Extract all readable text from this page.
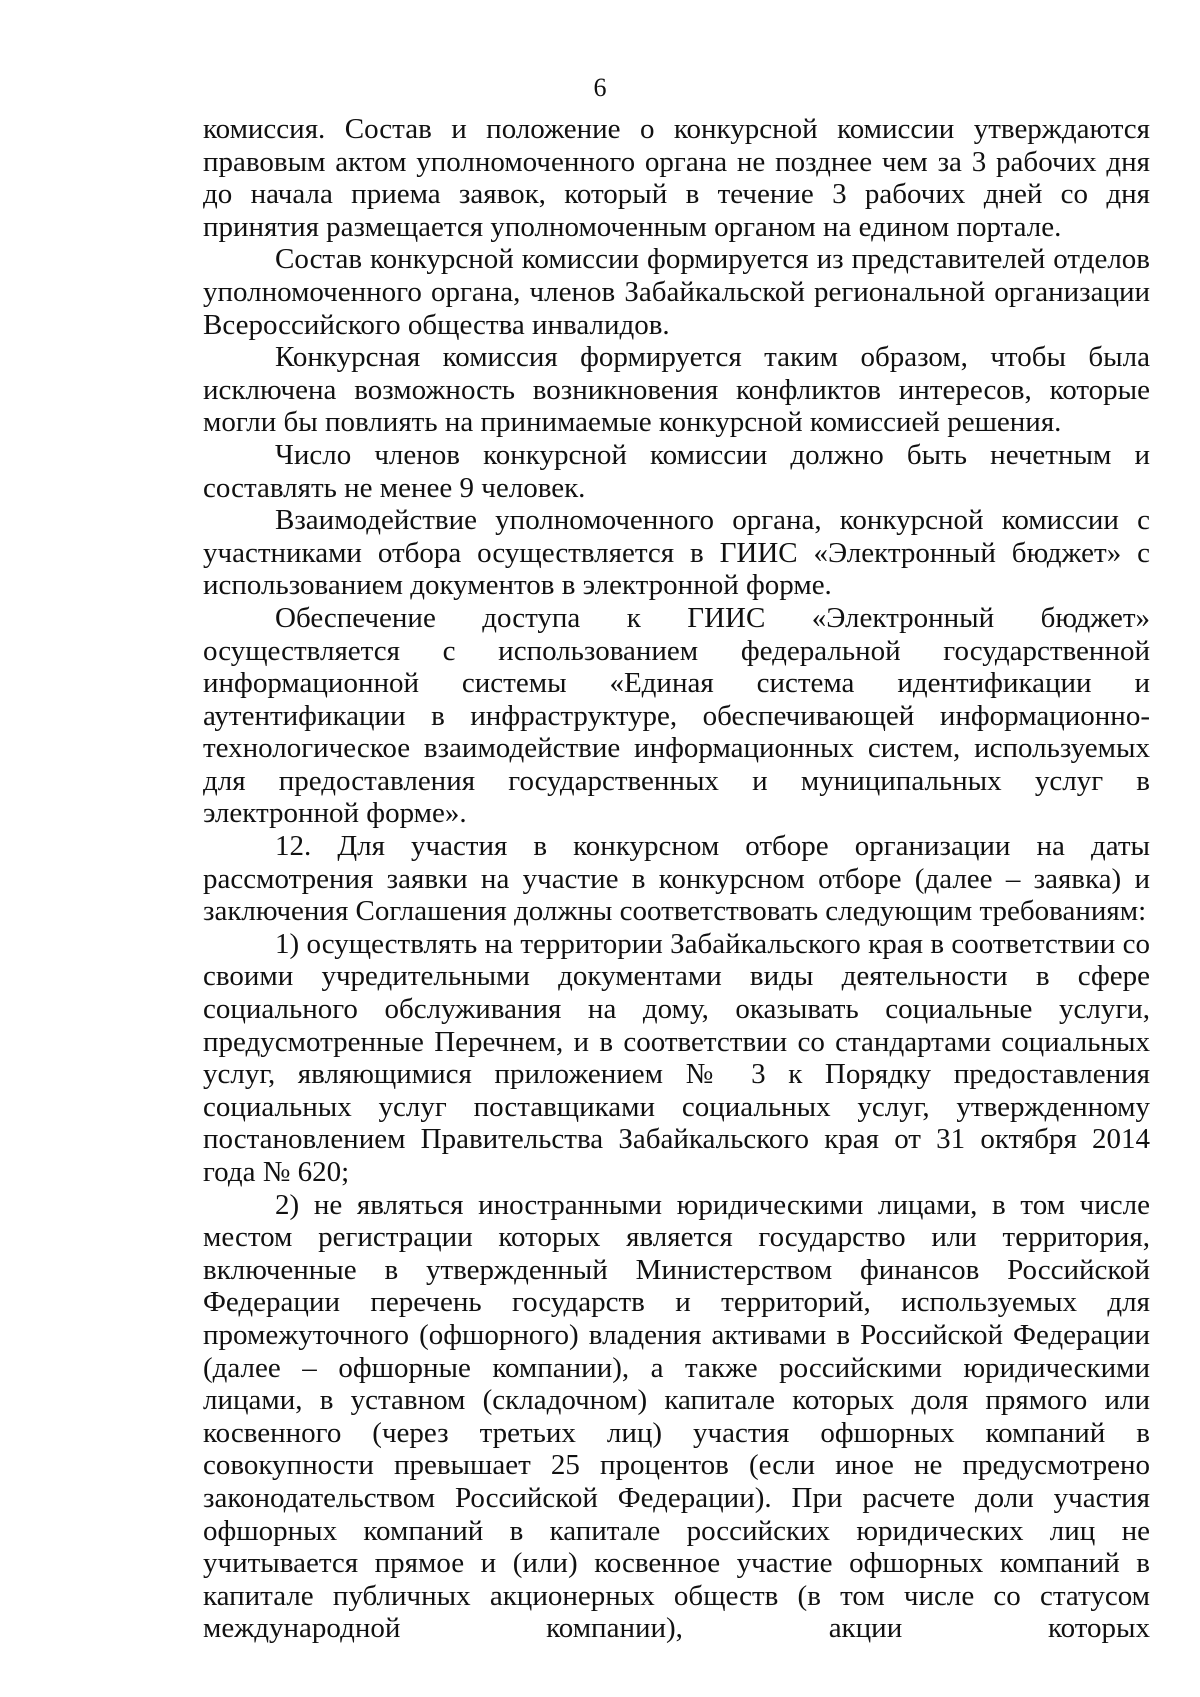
6

комиссия. Состав и положение о конкурсной комиссии утверждаются правовым актом уполномоченного органа не позднее чем за 3 рабочих дня до начала приема заявок, который в течение 3 рабочих дней со дня принятия размещается уполномоченным органом на едином портале.

Состав конкурсной комиссии формируется из представителей отделов уполномоченного органа, членов Забайкальской региональной организации Всероссийского общества инвалидов.

Конкурсная комиссия формируется таким образом, чтобы была исключена возможность возникновения конфликтов интересов, которые могли бы повлиять на принимаемые конкурсной комиссией решения.

Число членов конкурсной комиссии должно быть нечетным и составлять не менее 9 человек.

Взаимодействие уполномоченного органа, конкурсной комиссии с участниками отбора осуществляется в ГИИС «Электронный бюджет» с использованием документов в электронной форме.

Обеспечение доступа к ГИИС «Электронный бюджет» осуществляется с использованием федеральной государственной информационной системы «Единая система идентификации и аутентификации в инфраструктуре, обеспечивающей информационно-технологическое взаимодействие информационных систем, используемых для предоставления государственных и муниципальных услуг в электронной форме».

12. Для участия в конкурсном отборе организации на даты рассмотрения заявки на участие в конкурсном отборе (далее – заявка) и заключения Соглашения должны соответствовать следующим требованиям:

1) осуществлять на территории Забайкальского края в соответствии со своими учредительными документами виды деятельности в сфере социального обслуживания на дому, оказывать социальные услуги, предусмотренные Перечнем, и в соответствии со стандартами социальных услуг, являющимися приложением № 3 к Порядку предоставления социальных услуг поставщиками социальных услуг, утвержденному постановлением Правительства Забайкальского края от 31 октября 2014 года № 620;

2) не являться иностранными юридическими лицами, в том числе местом регистрации которых является государство или территория, включенные в утвержденный Министерством финансов Российской Федерации перечень государств и территорий, используемых для промежуточного (офшорного) владения активами в Российской Федерации (далее – офшорные компании), а также российскими юридическими лицами, в уставном (складочном) капитале которых доля прямого или косвенного (через третьих лиц) участия офшорных компаний в совокупности превышает 25 процентов (если иное не предусмотрено законодательством Российской Федерации). При расчете доли участия офшорных компаний в капитале российских юридических лиц не учитывается прямое и (или) косвенное участие офшорных компаний в капитале публичных акционерных обществ (в том числе со статусом международной компании), акции которых
